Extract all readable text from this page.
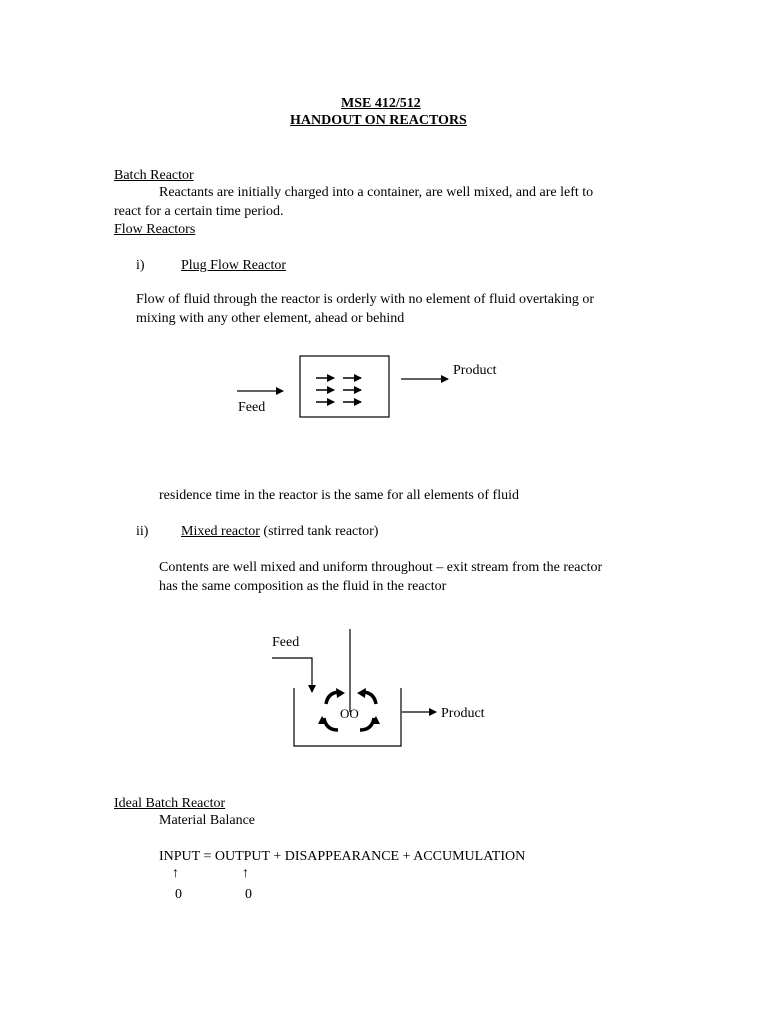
MSE 412/512
HANDOUT ON REACTORS
Batch Reactor
Reactants are initially charged into a container, are well mixed, and are left to
react for a certain time period.
Flow Reactors
i)	Plug Flow Reactor
Flow of fluid through the reactor is orderly with no element of fluid overtaking or
mixing with any other element, ahead or behind
Feed
Product
residence time in the reactor is the same for all elements of fluid
ii) Mixed reactor (stirred tank reactor)
Contents are well mixed and uniform throughout – exit stream from the reactor
has the same composition as the fluid in the reactor
Feed
OO	Product
Ideal Batch Reactor
Material Balance
INPUT = OUTPUT + DISAPPEARANCE + ACCUMULATION
↑	↑
0	0
